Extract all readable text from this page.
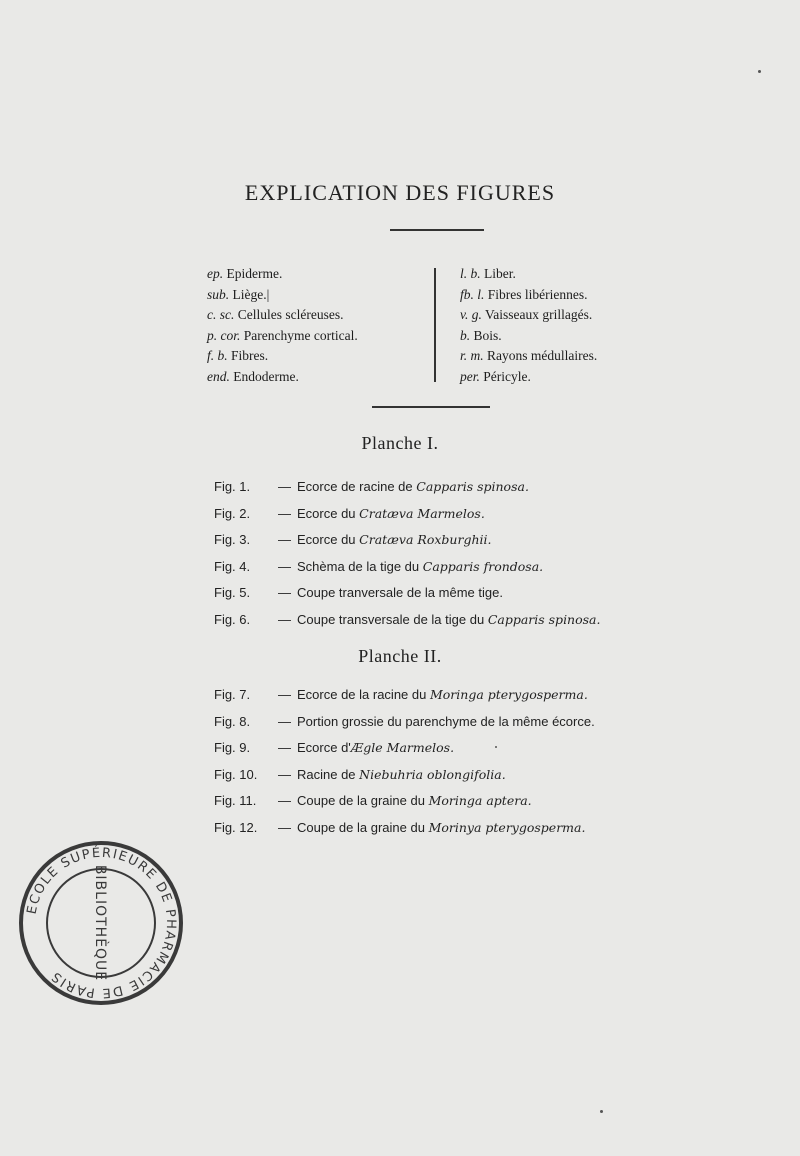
EXPLICATION DES FIGURES
ep. Epiderme.
sub. Liège.|
c. sc. Cellules scléreuses.
p. cor. Parenchyme cortical.
f. b. Fibres.
end. Endoderme.
l. b. Liber.
fb. l. Fibres libériennes.
v. g. Vaisseaux grillagés.
b. Bois.
r. m. Rayons médullaires.
per. Péricyle.
Planche I.
Fig. 1. — Ecorce de racine de Capparis spinosa.
Fig. 2. — Ecorce du Cratæva Marmelos.
Fig. 3. — Ecorce du Cratæva Roxburghii.
Fig. 4. — Schèma de la tige du Capparis frondosa.
Fig. 5. — Coupe tranversale de la même tige.
Fig. 6. — Coupe transversale de la tige du Capparis spinosa.
Planche II.
Fig. 7. — Ecorce de la racine du Moringa pterygosperma.
Fig. 8. — Portion grossie du parenchyme de la même écorce.
Fig. 9. — Ecorce d'Ægle Marmelos.
Fig. 10. — Racine de Niebuhria oblongifolia.
Fig. 11. — Coupe de la graine du Moringa aptera.
Fig. 12. — Coupe de la graine du Morinya pterygosperma.
ECOLE SUPÉRIEURE DE PHARMACIE DE PARIS	BIBLIOTHÈQUE
